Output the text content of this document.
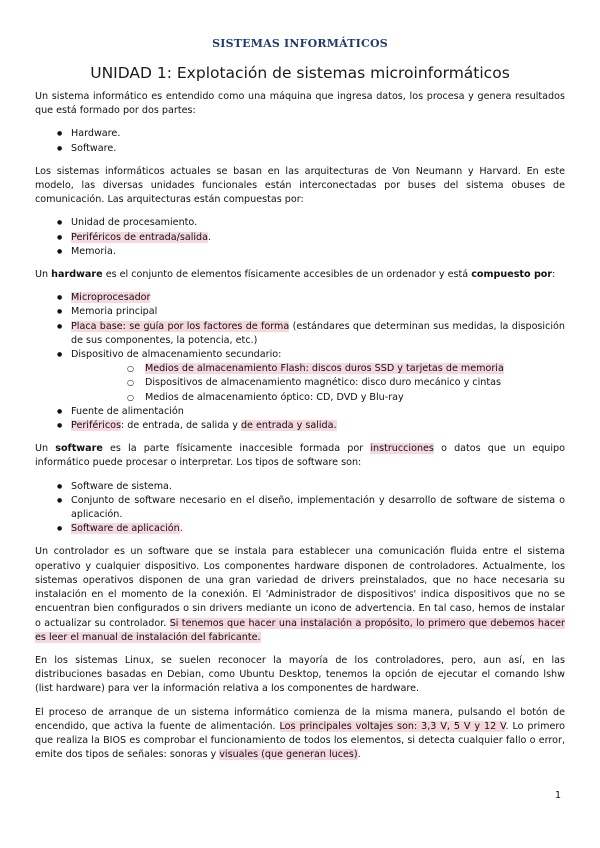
SISTEMAS INFORMÁTICOS
UNIDAD 1: Explotación de sistemas microinformáticos

Un sistema informático es entendido como una máquina que ingresa datos, los procesa y genera resultados que está formado por dos partes:

● Hardware.
● Software.

Los sistemas informáticos actuales se basan en las arquitecturas de Von Neumann y Harvard. En este modelo, las diversas unidades funcionales están interconectadas por buses del sistema obuses de comunicación. Las arquitecturas están compuestas por:

● Unidad de procesamiento.
● Periféricos de entrada/salida.
● Memoria.

Un hardware es el conjunto de elementos físicamente accesibles de un ordenador y está compuesto por:

● Microprocesador
● Memoria principal
● Placa base: se guía por los factores de forma (estándares que determinan sus medidas, la disposición de sus componentes, la potencia, etc.)
● Dispositivo de almacenamiento secundario:
○ Medios de almacenamiento Flash: discos duros SSD y tarjetas de memoria
○ Dispositivos de almacenamiento magnético: disco duro mecánico y cintas
○ Medios de almacenamiento óptico: CD, DVD y Blu-ray
● Fuente de alimentación
● Periféricos: de entrada, de salida y de entrada y salida.

Un software es la parte físicamente inaccesible formada por instrucciones o datos que un equipo informático puede procesar o interpretar. Los tipos de software son:

● Software de sistema.
● Conjunto de software necesario en el diseño, implementación y desarrollo de software de sistema o aplicación.
● Software de aplicación.

Un controlador es un software que se instala para establecer una comunicación fluida entre el sistema operativo y cualquier dispositivo. Los componentes hardware disponen de controladores. Actualmente, los sistemas operativos disponen de una gran variedad de drivers preinstalados, que no hace necesaria su instalación en el momento de la conexión. El 'Administrador de dispositivos' indica dispositivos que no se encuentran bien configurados o sin drivers mediante un icono de advertencia. En tal caso, hemos de instalar o actualizar su controlador. Si tenemos que hacer una instalación a propósito, lo primero que debemos hacer es leer el manual de instalación del fabricante.

En los sistemas Linux, se suelen reconocer la mayoría de los controladores, pero, aun así, en las distribuciones basadas en Debian, como Ubuntu Desktop, tenemos la opción de ejecutar el comando lshw (list hardware) para ver la información relativa a los componentes de hardware.

El proceso de arranque de un sistema informático comienza de la misma manera, pulsando el botón de encendido, que activa la fuente de alimentación. Los principales voltajes son: 3,3 V, 5 V y 12 V. Lo primero que realiza la BIOS es comprobar el funcionamiento de todos los elementos, si detecta cualquier fallo o error, emite dos tipos de señales: sonoras y visuales (que generan luces).

1
